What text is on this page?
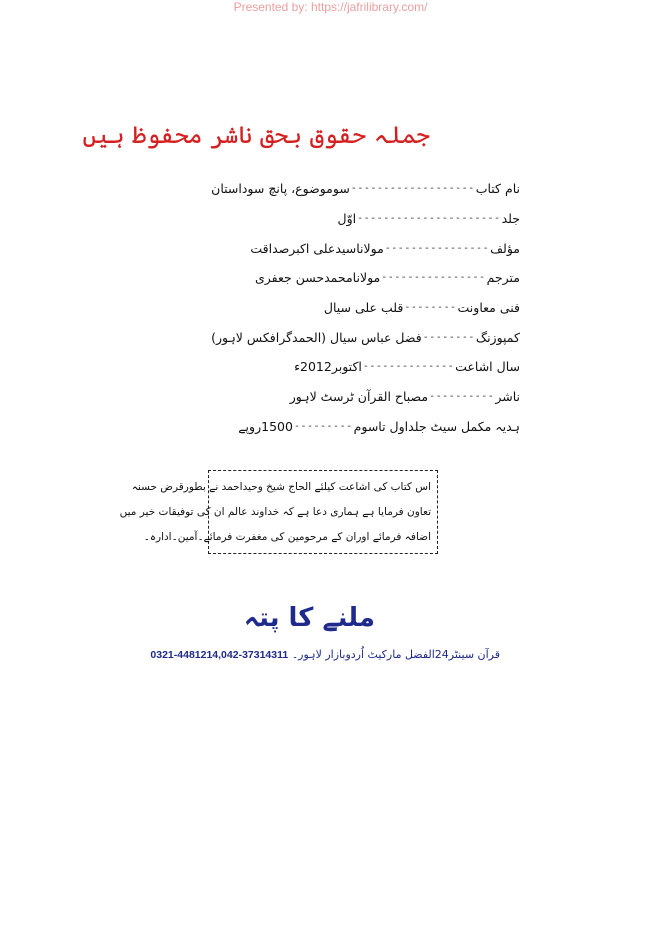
Presented by: https://jafrilibrary.com/
جملہ حقوق بحق ناشر محفوظ ہیں
نام کتاب
-------------------
سوموضوع، پانچ سوداستان
جلد
----------------------
اوّل
مؤلف
----------------
مولاناسیدعلی اکبرصداقت
مترجم
----------------
مولانامحمدحسن جعفری
فنی معاونت
--------
قلب علی سیال
کمپوزنگ
--------
فضل عباس سیال (الحمدگرافکس لاہور)
سال اشاعت
--------------
اکتوبر2012ء
ناشر
----------
مصباح القرآن ٹرسٹ لاہور
ہدیہ مکمل سیٹ جلداول تاسوم
---------
1500روپے
اس کتاب کی اشاعت کیلئے الحاج شیخ وحیداحمد نے بطورقرض حسنہ
تعاون فرمایا ہے ہماری دعا ہے کہ خداوند عالم ان کی توفیقات خیر میں
اضافہ فرمائے اوران کے مرحومین کی مغفرت فرمائے۔آمین۔ادارہ۔
ملنے کا پتہ
قرآن سینٹر24الفضل مارکیٹ اُردوبازار لاہور۔ 0321-4481214,042-37314311
